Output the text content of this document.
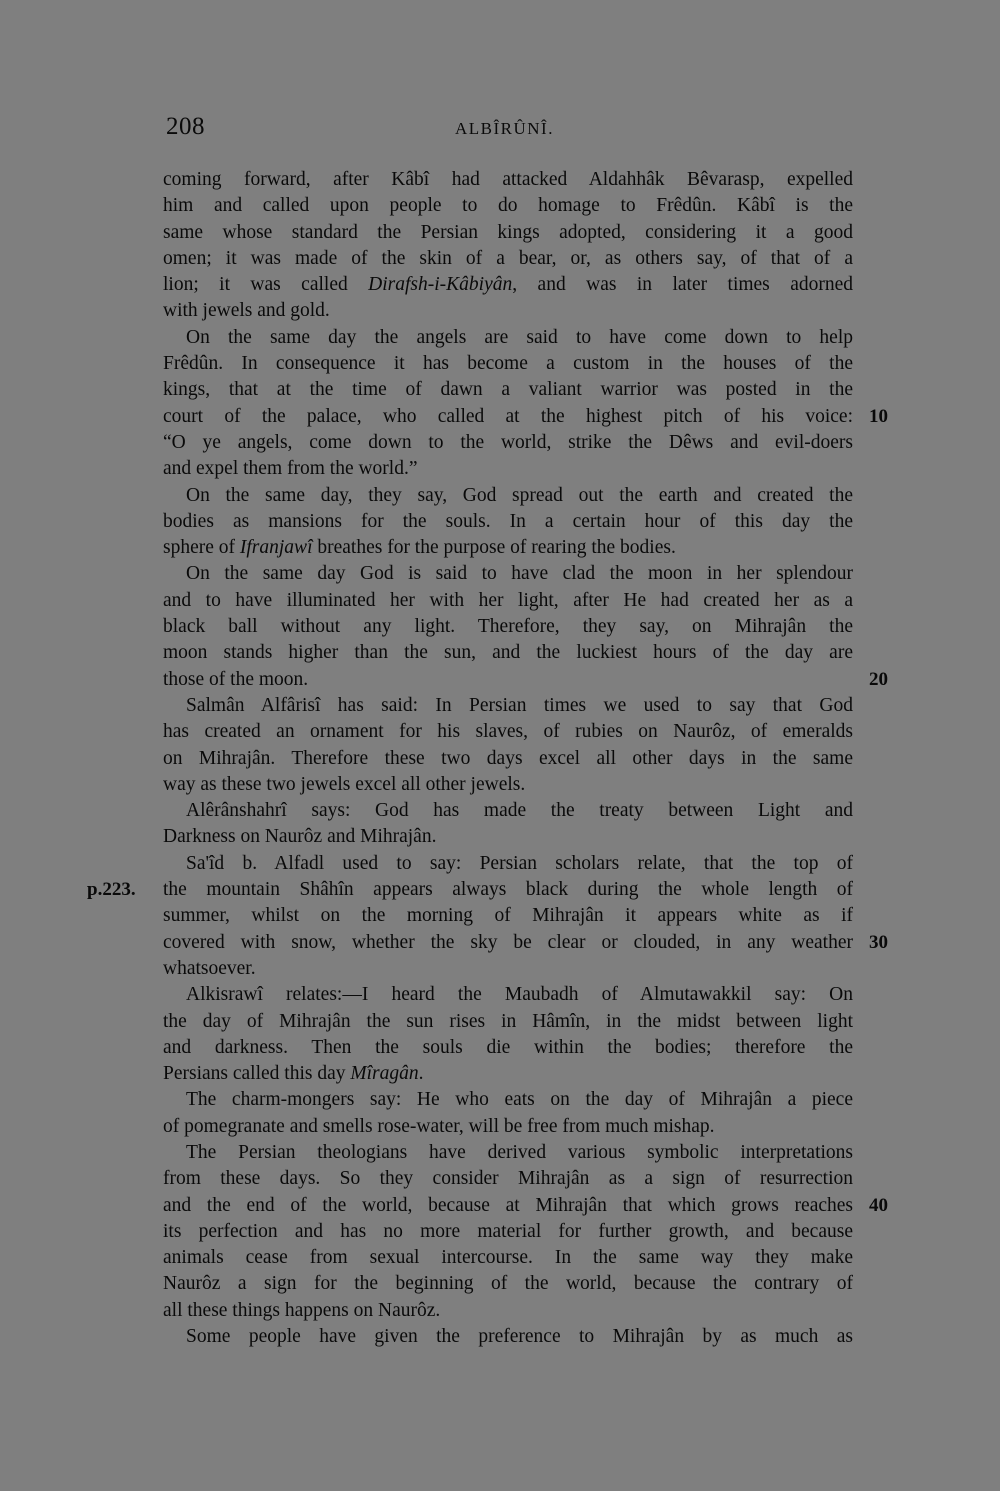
208	ALBÎRÛNÎ.
coming forward, after Kâbî had attacked Aldahhâk Bêvarasp, expelled
him and called upon people to do homage to Frêdûn. Kâbî is the
same whose standard the Persian kings adopted, considering it a good
omen; it was made of the skin of a bear, or, as others say, of that of a
lion; it was called Dirafsh-i-Kâbiyân, and was in later times adorned
with jewels and gold.
On the same day the angels are said to have come down to help
Frêdûn. In consequence it has become a custom in the houses of the
kings, that at the time of dawn a valiant warrior was posted in the
court of the palace, who called at the highest pitch of his voice: 10
“O ye angels, come down to the world, strike the Dêws and evil-doers
and expel them from the world.”
On the same day, they say, God spread out the earth and created the
bodies as mansions for the souls. In a certain hour of this day the
sphere of Ifranjawî breathes for the purpose of rearing the bodies.
On the same day God is said to have clad the moon in her splendour
and to have illuminated her with her light, after He had created her as a
black ball without any light. Therefore, they say, on Mihrajân the
moon stands higher than the sun, and the luckiest hours of the day are
those of the moon.	20
Salmân Alfârisî has said: In Persian times we used to say that God
has created an ornament for his slaves, of rubies on Naurôz, of emeralds
on Mihrajân. Therefore these two days excel all other days in the same
way as these two jewels excel all other jewels.
Alêrânshahrî says: God has made the treaty between Light and
Darkness on Naurôz and Mihrajân.
Sa'îd b. Alfadl used to say: Persian scholars relate, that the top of
the mountain Shâhîn appears always black during the whole length of
p.223.
summer, whilst on the morning of Mihrajân it appears white as if
covered with snow, whether the sky be clear or clouded, in any weather 30
whatsoever.
Alkisrawî relates:—I heard the Maubadh of Almutawakkil say: On
the day of Mihrajân the sun rises in Hâmîn, in the midst between light
and darkness. Then the souls die within the bodies; therefore the
Persians called this day Mîragân.
The charm-mongers say: He who eats on the day of Mihrajân a piece
of pomegranate and smells rose-water, will be free from much mishap.
The Persian theologians have derived various symbolic interpretations
from these days. So they consider Mihrajân as a sign of resurrection
and the end of the world, because at Mihrajân that which grows reaches 40
its perfection and has no more material for further growth, and because
animals cease from sexual intercourse. In the same way they make
Naurôz a sign for the beginning of the world, because the contrary of
all these things happens on Naurôz.
Some people have given the preference to Mihrajân by as much as
